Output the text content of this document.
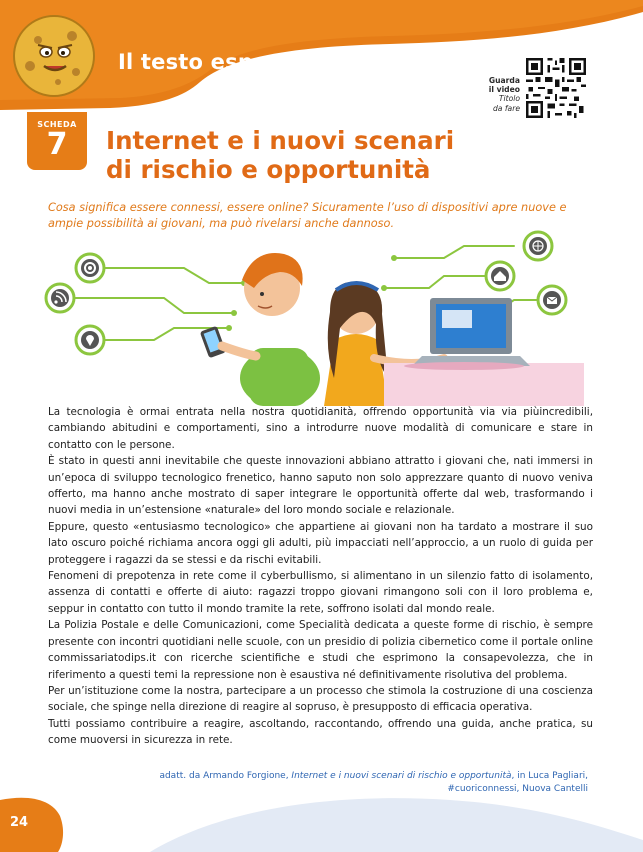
Il testo espositivo
Guarda
il video
Titolo
da fare
SCHEDA
7	Internet e i nuovi scenari
di rischio e opportunità
Cosa significa essere connessi, essere online? Sicuramente l’uso di dispositivi apre nuove e ampie possibilità ai giovani, ma può rivelarsi anche dannoso.

La tecnologia è ormai entrata nella nostra quotidianità, offrendo opportunità via via piùincredibili, cambiando abitudini e comportamenti, sino a introdurre nuove modalità di comunicare e stare in contatto con le persone.

È stato in questi anni inevitabile che queste innovazioni abbiano attratto i giovani che, nati immersi in un’epoca di sviluppo tecnologico frenetico, hanno saputo non solo apprezzare quanto di nuovo veniva offerto, ma hanno anche mostrato di saper integrare le opportunità offerte dal web, trasformando i nuovi media in un’estensione «naturale» del loro mondo sociale e relazionale.

Eppure, questo «entusiasmo tecnologico» che appartiene ai giovani non ha tardato a mostrare il suo lato oscuro poiché richiama ancora oggi gli adulti, più impacciati nell’approccio, a un ruolo di guida per proteggere i ragazzi da se stessi e da rischi evitabili.

Fenomeni di prepotenza in rete come il cyberbullismo, si alimentano in un silenzio fatto di isolamento, assenza di contatti e offerte di aiuto: ragazzi troppo giovani rimangono soli con il loro problema e, seppur in contatto con tutto il mondo tramite la rete, soffrono isolati dal mondo reale.

La Polizia Postale e delle Comunicazioni, come Specialità dedicata a queste forme di rischio, è sempre presente con incontri quotidiani nelle scuole, con un presidio di polizia cibernetico come il portale online commissariatodips.it con ricerche scientifiche e studi che esprimono la consapevolezza, che in riferimento a questi temi la repressione non è esaustiva né definitivamente risolutiva del problema.

Per un’istituzione come la nostra, partecipare a un processo che stimola la costruzione di una coscienza sociale, che spinge nella direzione di reagire al sopruso, è presupposto di efficacia operativa.

Tutti possiamo contribuire a reagire, ascoltando, raccontando, offrendo una guida, anche pratica, su come muoversi in sicurezza in rete.

adatt. da Armando Forgione, Internet e i nuovi scenari di rischio e opportunità, in Luca Pagliari,
#cuoriconnessi, Nuova Cantelli
24
